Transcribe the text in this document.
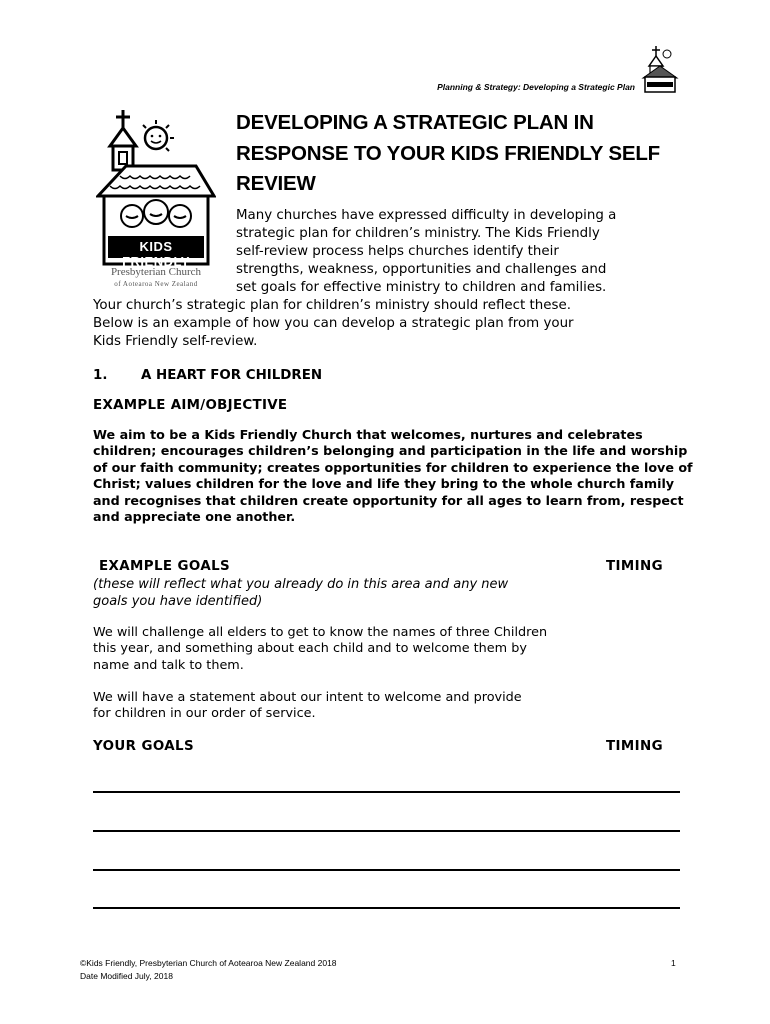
Planning & Strategy: Developing a Strategic Plan
KIDS FRIENDLY
Presbyterian Church
of Aotearoa New Zealand
DEVELOPING A STRATEGIC PLAN IN
RESPONSE TO YOUR KIDS FRIENDLY SELF
REVIEW
Many churches have expressed difficulty in developing a
strategic plan for children’s ministry. The Kids Friendly
self-review process helps churches identify their
strengths, weakness, opportunities and challenges and
set goals for effective ministry to children and families.
Your church’s strategic plan for children’s ministry should reflect these.
Below is an example of how you can develop a strategic plan from your
Kids Friendly self-review.
1.	A HEART FOR CHILDREN
EXAMPLE AIM/OBJECTIVE
We aim to be a Kids Friendly Church that welcomes, nurtures and celebrates children; encourages children’s belonging and participation in the life and worship of our faith community; creates opportunities for children to experience the love of Christ; values children for the love and life they bring to the whole church family and recognises that children create opportunity for all ages to learn from, respect and appreciate one another.
EXAMPLE GOALS	TIMING
(these will reflect what you already do in this area and any new
goals you have identified)
We will challenge all elders to get to know the names of three Children this year, and something about each child and to welcome them by name and talk to them.
We will have a statement about our intent to welcome and provide for children in our order of service.
YOUR GOALS	TIMING
©Kids Friendly, Presbyterian Church of Aotearoa New Zealand 2018
Date Modified July, 2018
1
